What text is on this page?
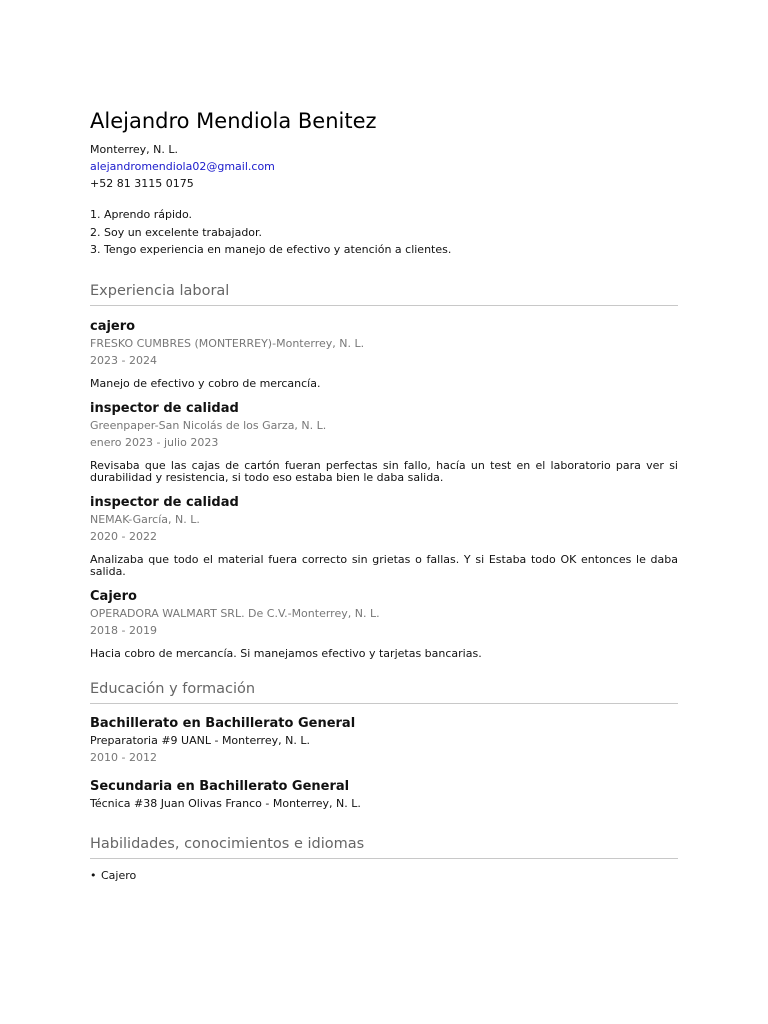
Alejandro Mendiola Benitez

Monterrey, N. L.

alejandromendiola02@gmail.com

+52 81 3115 0175

1. Aprendo rápido.
2. Soy un excelente trabajador.
3. Tengo experiencia en manejo de efectivo y atención a clientes.
Experiencia laboral

cajero

FRESKO CUMBRES (MONTERREY)-Monterrey, N. L.

2023 - 2024

Manejo de efectivo y cobro de mercancía.

inspector de calidad

Greenpaper-San Nicolás de los Garza, N. L.

enero 2023 - julio 2023

Revisaba que las cajas de cartón fueran perfectas sin fallo, hacía un test en el laboratorio para ver si durabilidad y resistencia, si todo eso estaba bien le daba salida.

inspector de calidad

NEMAK-García, N. L.

2020 - 2022

Analizaba que todo el material fuera correcto sin grietas o fallas. Y si Estaba todo OK entonces le daba salida.

Cajero

OPERADORA WALMART SRL. De C.V.-Monterrey, N. L.

2018 - 2019

Hacia cobro de mercancía. Si manejamos efectivo y tarjetas bancarias.

Educación y formación

Bachillerato en Bachillerato General

Preparatoria #9 UANL - Monterrey, N. L.

2010 - 2012

Secundaria en Bachillerato General

Técnica #38 Juan Olivas Franco - Monterrey, N. L.

Habilidades, conocimientos e idiomas
• Cajero
